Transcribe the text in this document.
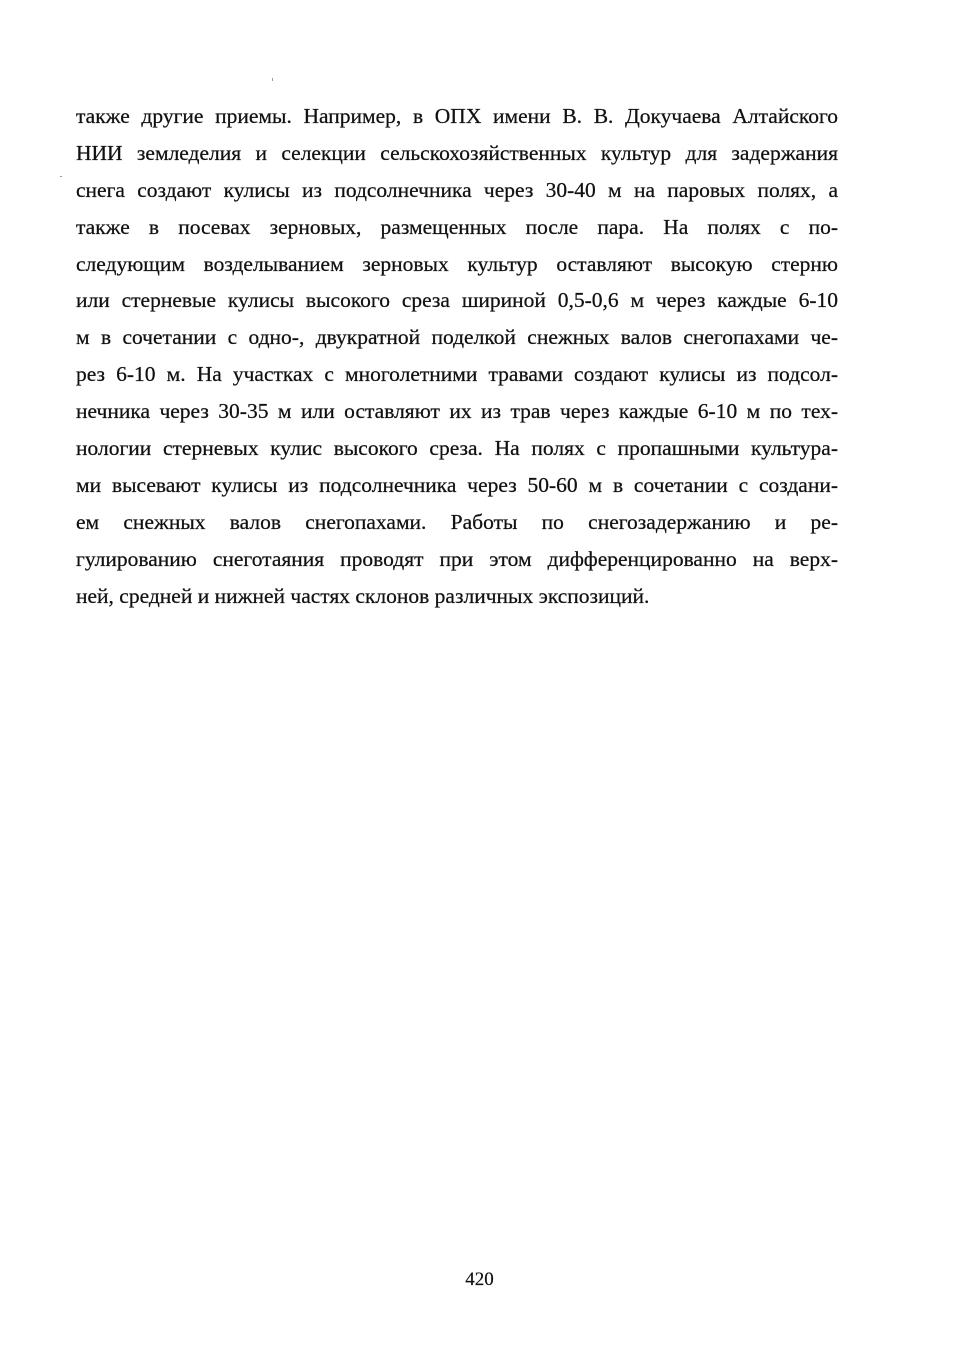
также другие приемы. Например, в ОПХ имени В. В. Докучаева Алтайского
НИИ земледелия и селекции сельскохозяйственных культур для задержания
снега создают кулисы из подсолнечника через 30-40 м на паровых полях, а
также в посевах зерновых, размещенных после пара. На полях с по-
следующим возделыванием зерновых культур оставляют высокую стерню
или стерневые кулисы высокого среза шириной 0,5-0,6 м через каждые 6-10
м в сочетании с одно-, двукратной поделкой снежных валов снегопахами че-
рез 6-10 м. На участках с многолетними травами создают кулисы из подсол-
нечника через 30-35 м или оставляют их из трав через каждые 6-10 м по тех-
нологии стерневых кулис высокого среза. На полях с пропашными культура-
ми высевают кулисы из подсолнечника через 50-60 м в сочетании с создани-
ем снежных валов снегопахами. Работы по снегозадержанию и ре-
гулированию снеготаяния проводят при этом дифференцированно на верх-
ней, средней и нижней частях склонов различных экспозиций.
420
